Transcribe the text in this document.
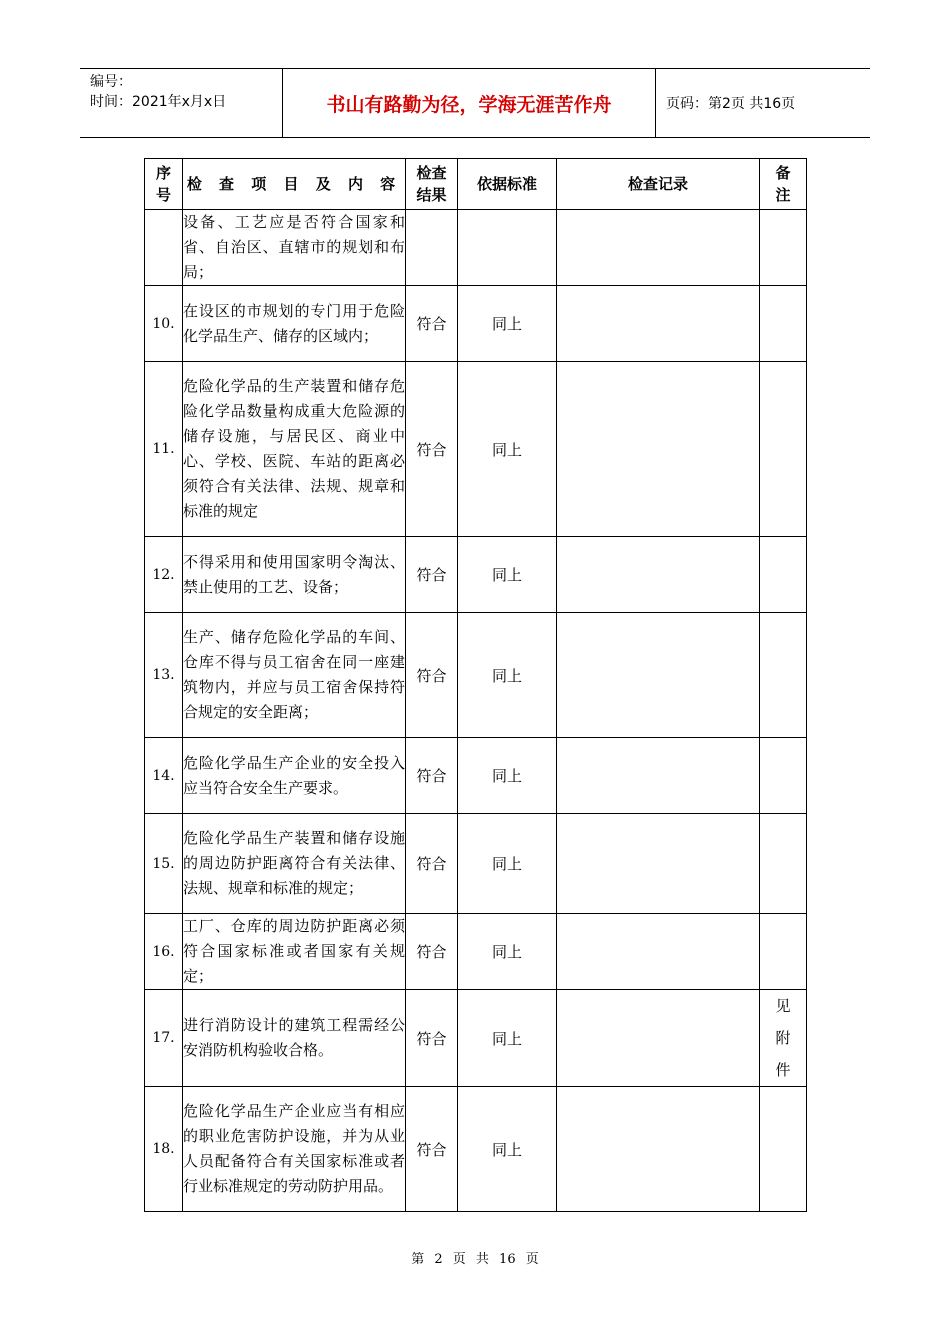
编号：
时间：2021年x月x日	书山有路勤为径，学海无涯苦作舟	页码：第2页 共16页
序号	检 查 项 目 及 内 容	检查结果	依据标准	检查记录	备注
	设备、工艺应是否符合国家和省、自治区、直辖市的规划和布局；				
10.	在设区的市规划的专门用于危险化学品生产、储存的区域内；	符合	同上		
11.	危险化学品的生产装置和储存危险化学品数量构成重大危险源的储存设施，与居民区、商业中心、学校、医院、车站的距离必须符合有关法律、法规、规章和标准的规定	符合	同上		
12.	不得采用和使用国家明令淘汰、禁止使用的工艺、设备；	符合	同上		
13.	生产、储存危险化学品的车间、仓库不得与员工宿舍在同一座建筑物内，并应与员工宿舍保持符合规定的安全距离；	符合	同上		
14.	危险化学品生产企业的安全投入应当符合安全生产要求。	符合	同上		
15.	危险化学品生产装置和储存设施的周边防护距离符合有关法律、法规、规章和标准的规定；	符合	同上		
16.	工厂、仓库的周边防护距离必须符合国家标准或者国家有关规定；	符合	同上		
17.	进行消防设计的建筑工程需经公安消防机构验收合格。	符合	同上		见附件
18.	危险化学品生产企业应当有相应的职业危害防护设施，并为从业人员配备符合有关国家标准或者行业标准规定的劳动防护用品。	符合	同上		
第 2 页 共 16 页
